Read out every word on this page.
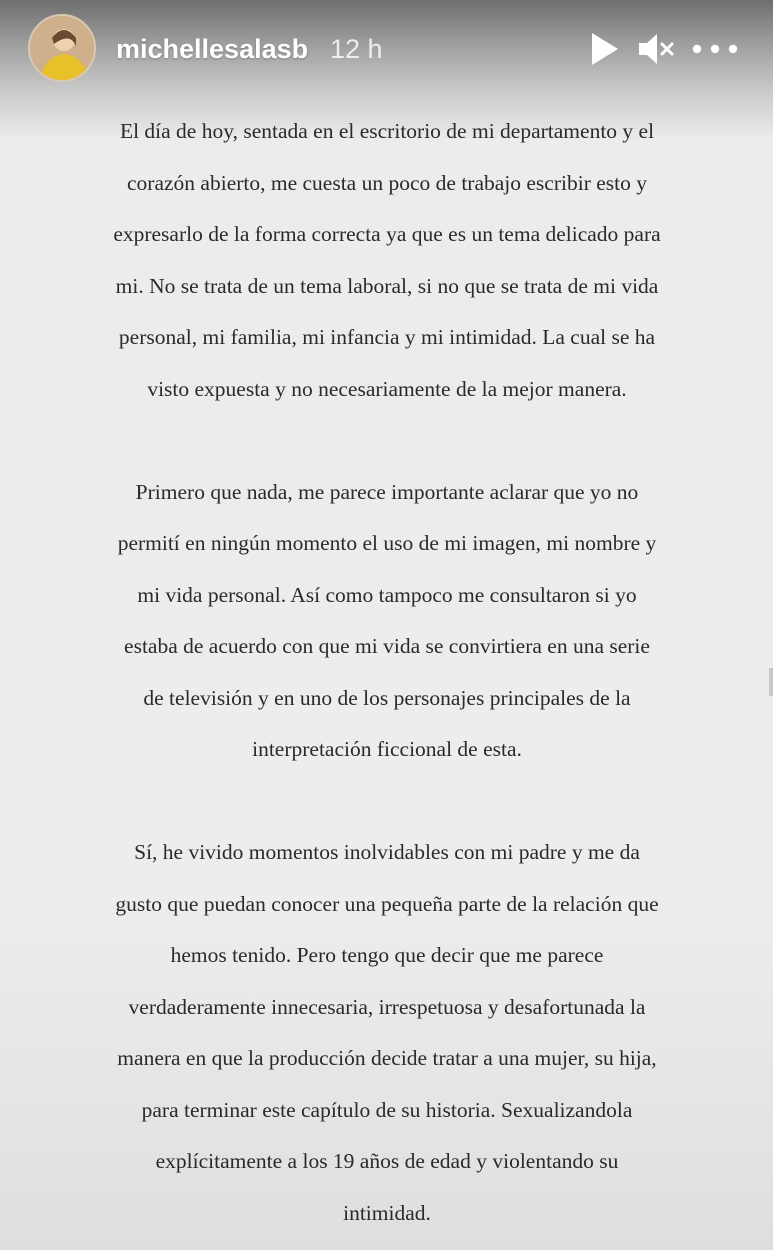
michellesalasb 12 h

El día de hoy, sentada en el escritorio de mi departamento y el
corazón abierto, me cuesta un poco de trabajo escribir esto y
expresarlo de la forma correcta ya que es un tema delicado para
mi. No se trata de un tema laboral, si no que se trata de mi vida
personal, mi familia, mi infancia y mi intimidad. La cual se ha
visto expuesta y no necesariamente de la mejor manera.

Primero que nada, me parece importante aclarar que yo no
permití en ningún momento el uso de mi imagen, mi nombre y
mi vida personal. Así como tampoco me consultaron si yo
estaba de acuerdo con que mi vida se convirtiera en una serie
de televisión y en uno de los personajes principales de la
interpretación ficcional de esta.

Sí, he vivido momentos inolvidables con mi padre y me da
gusto que puedan conocer una pequeña parte de la relación que
hemos tenido. Pero tengo que decir que me parece
verdaderamente innecesaria, irrespetuosa y desafortunada la
manera en que la producción decide tratar a una mujer, su hija,
para terminar este capítulo de su historia. Sexualizandola
explícitamente a los 19 años de edad y violentando su
intimidad.
